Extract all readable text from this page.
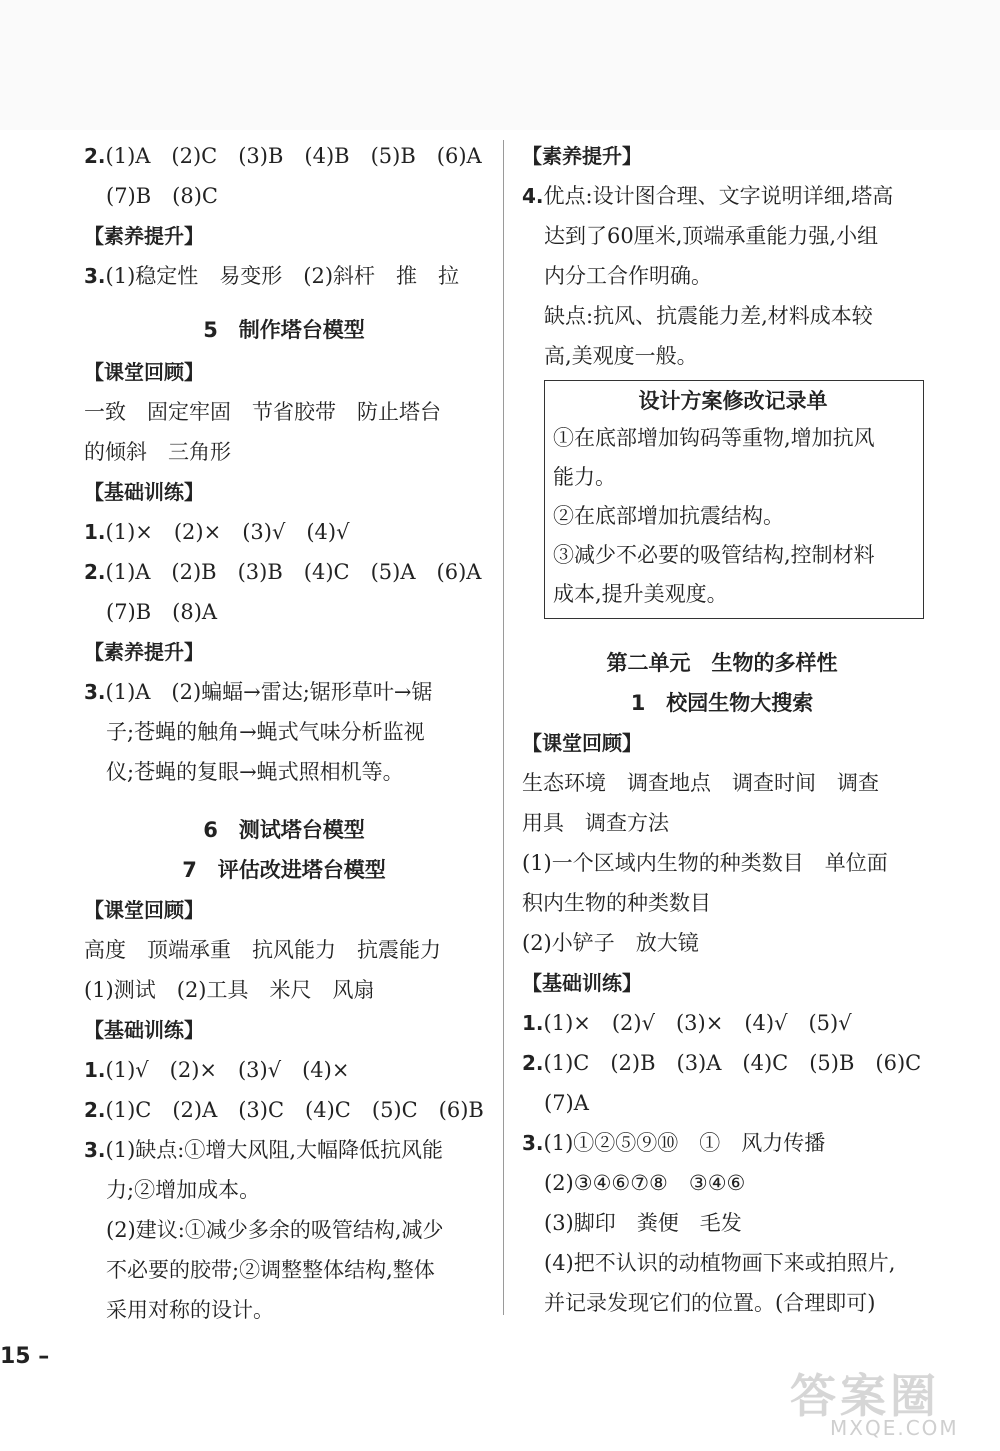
2.(1)A　(2)C　(3)B　(4)B　(5)B　(6)A
(7)B　(8)C
【素养提升】
3.(1)稳定性　易变形　(2)斜杆　推　拉
5　制作塔台模型
【课堂回顾】
一致　固定牢固　节省胶带　防止塔台
的倾斜　三角形
【基础训练】
1.(1)×　(2)×　(3)√　(4)√
2.(1)A　(2)B　(3)B　(4)C　(5)A　(6)A
(7)B　(8)A
【素养提升】
3.(1)A　(2)蝙蝠→雷达;锯形草叶→锯
子;苍蝇的触角→蝇式气味分析监视
仪;苍蝇的复眼→蝇式照相机等。
6　测试塔台模型
7　评估改进塔台模型
【课堂回顾】
高度　顶端承重　抗风能力　抗震能力
(1)测试　(2)工具　米尺　风扇
【基础训练】
1.(1)√　(2)×　(3)√　(4)×
2.(1)C　(2)A　(3)C　(4)C　(5)C　(6)B
3.(1)缺点:①增大风阻,大幅降低抗风能
力;②增加成本。
(2)建议:①减少多余的吸管结构,减少
不必要的胶带;②调整整体结构,整体
采用对称的设计。
【素养提升】
4.优点:设计图合理、文字说明详细,塔高
达到了60厘米,顶端承重能力强,小组
内分工合作明确。
缺点:抗风、抗震能力差,材料成本较
高,美观度一般。
设计方案修改记录单
①在底部增加钩码等重物,增加抗风
能力。
②在底部增加抗震结构。
③减少不必要的吸管结构,控制材料
成本,提升美观度。
第二单元　生物的多样性
1　校园生物大搜索
【课堂回顾】
生态环境　调查地点　调查时间　调查
用具　调查方法
(1)一个区域内生物的种类数目　单位面
积内生物的种类数目
(2)小铲子　放大镜
【基础训练】
1.(1)×　(2)√　(3)×　(4)√　(5)√
2.(1)C　(2)B　(3)A　(4)C　(5)B　(6)C
(7)A
3.(1)①②⑤⑨⑩　①　风力传播
(2)③④⑥⑦⑧　③④⑥
(3)脚印　粪便　毛发
(4)把不认识的动植物画下来或拍照片,
并记录发现它们的位置。(合理即可)
15 –
答案圈
MXQE.COM
